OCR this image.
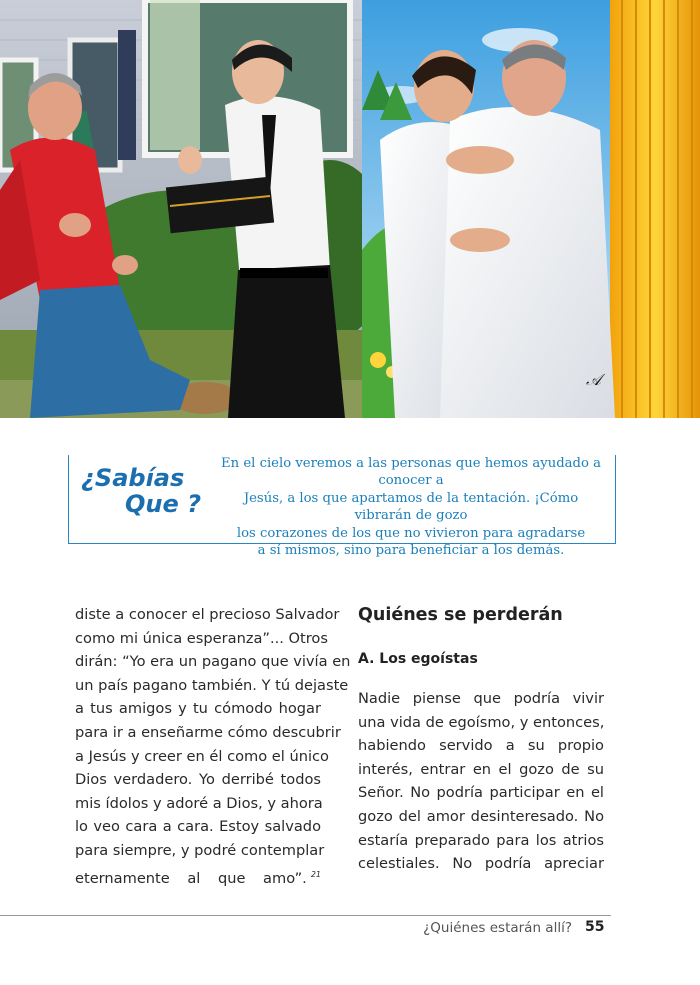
𝒜
¿Sabías
Que ?
En el cielo veremos a las personas que hemos ayudado a conocer a
Jesús, a los que apartamos de la tentación. ¡Cómo vibrarán de gozo
los corazones de los que no vivieron para agradarse
a sí mismos, sino para beneficiar a los demás.
diste a conocer el precioso Salvador
como mi única esperanza”... Otros
dirán: “Yo era un pagano que vivía en
un país pagano también. Y tú dejaste
a tus amigos y tu cómodo hogar
para ir a enseñarme cómo descubrir
a Jesús y creer en él como el único
Dios verdadero. Yo derribé todos
mis ídolos y adoré a Dios, y ahora
lo veo cara a cara. Estoy salvado
para siempre, y podré contemplar
eternamente al que amo”. $^{21}$
Quiénes se perderán
A. Los egoístas
Nadie piense que podría vivir
una vida de egoísmo, y entonces,
habiendo servido a su propio
interés, entrar en el gozo de su
Señor. No podría participar en el
gozo del amor desinteresado. No
estaría preparado para los atrios
celestiales. No podría apreciar
¿Quiénes estarán allí? 55
